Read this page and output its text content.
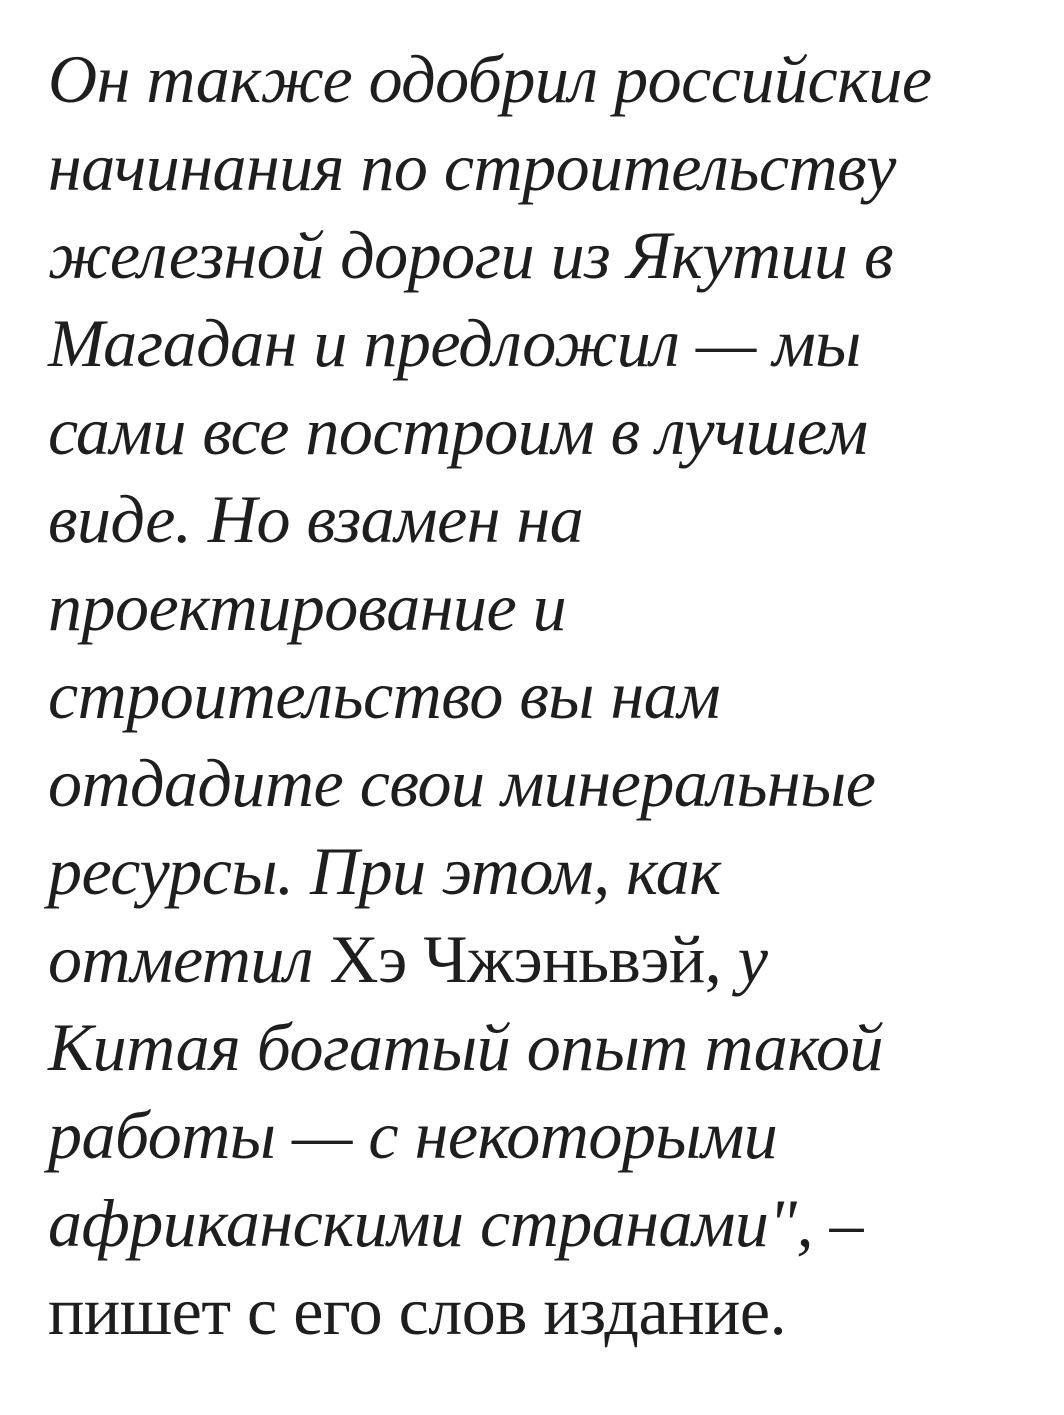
Он также одобрил российские
начинания по строительству
железной дороги из Якутии в
Магадан и предложил — мы
сами все построим в лучшем
виде. Но взамен на
проектирование и
строительство вы нам
отдадите свои минеральные
ресурсы. При этом, как
отметил Хэ Чжэньвэй, у
Китая богатый опыт такой
работы — с некоторыми
африканскими странами", –
пишет с его слов издание.
